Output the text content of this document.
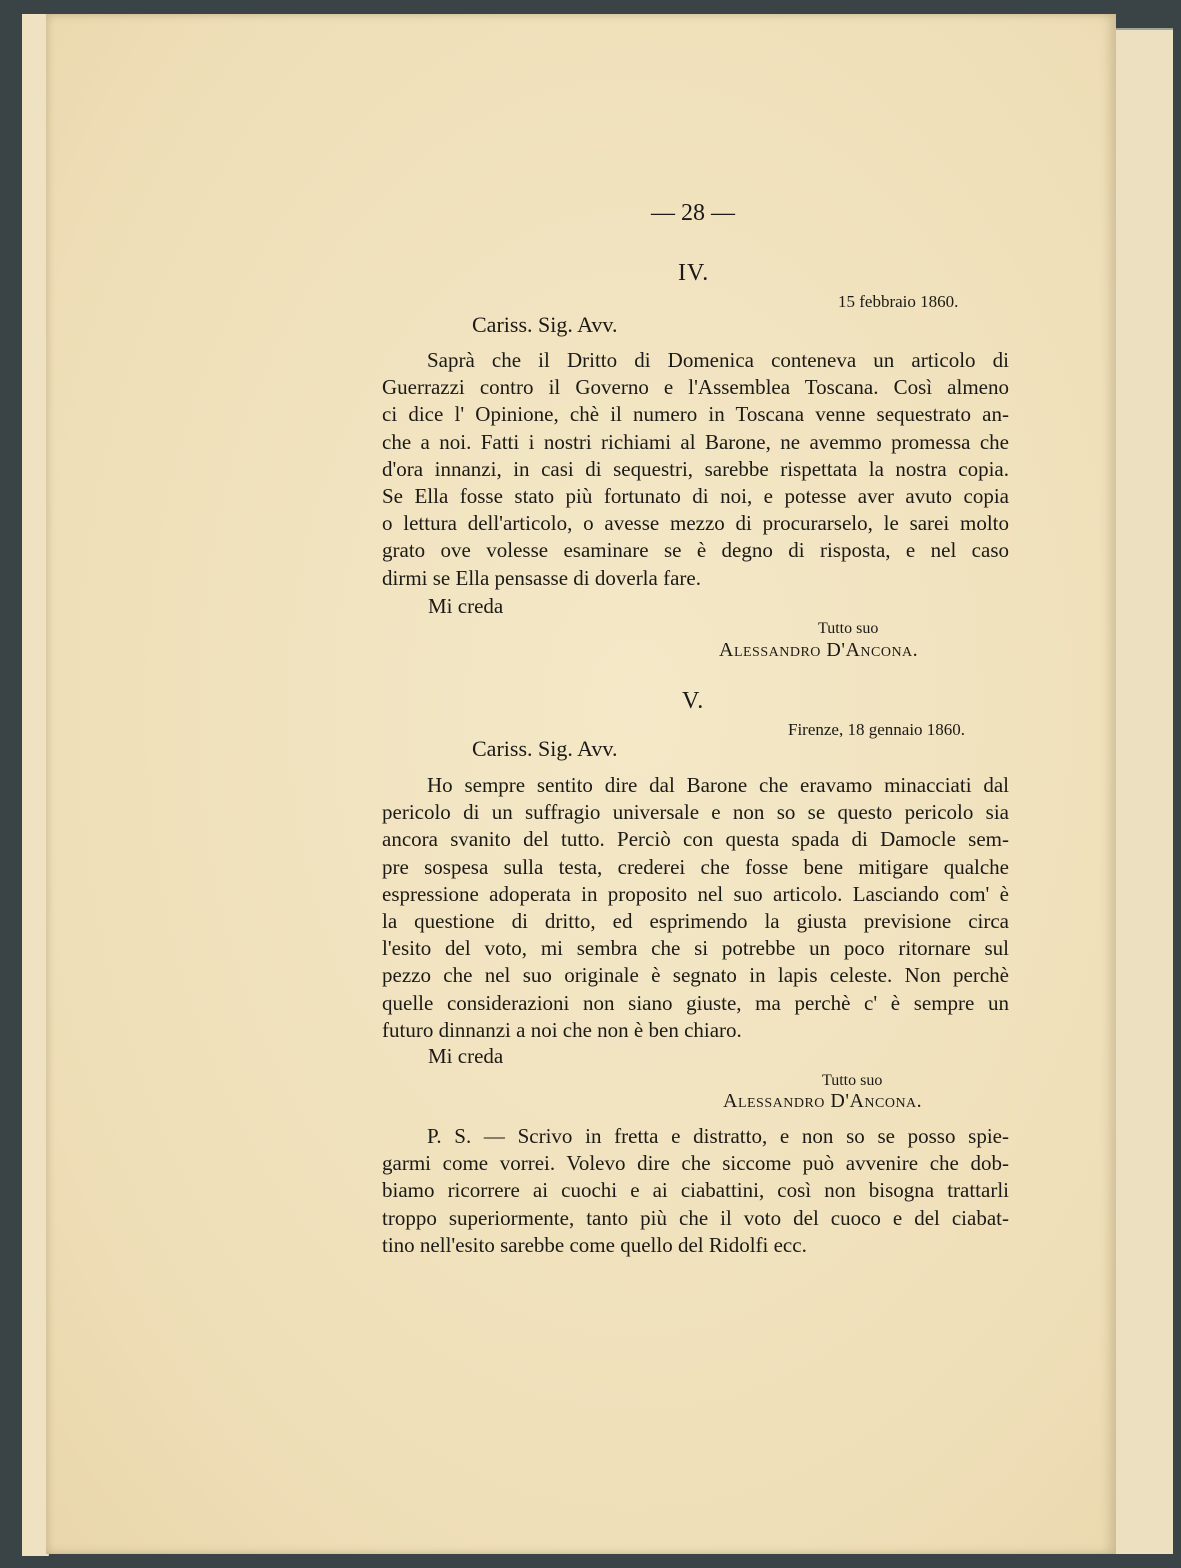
— 28 —
IV.
15 febbraio 1860.
Cariss. Sig. Avv.
Saprà che il Dritto di Domenica conteneva un articolo di
Guerrazzi contro il Governo e l'Assemblea Toscana. Così almeno
ci dice l' Opinione, chè il numero in Toscana venne sequestrato an-
che a noi. Fatti i nostri richiami al Barone, ne avemmo promessa che
d'ora innanzi, in casi di sequestri, sarebbe rispettata la nostra copia.
Se Ella fosse stato più fortunato di noi, e potesse aver avuto copia
o lettura dell'articolo, o avesse mezzo di procurarselo, le sarei molto
grato ove volesse esaminare se è degno di risposta, e nel caso
dirmi se Ella pensasse di doverla fare.
Mi creda
Tutto suo
Alessandro D'Ancona.
V.
Firenze, 18 gennaio 1860.
Cariss. Sig. Avv.
Ho sempre sentito dire dal Barone che eravamo minacciati dal
pericolo di un suffragio universale e non so se questo pericolo sia
ancora svanito del tutto. Perciò con questa spada di Damocle sem-
pre sospesa sulla testa, crederei che fosse bene mitigare qualche
espressione adoperata in proposito nel suo articolo. Lasciando com' è
la questione di dritto, ed esprimendo la giusta previsione circa
l'esito del voto, mi sembra che si potrebbe un poco ritornare sul
pezzo che nel suo originale è segnato in lapis celeste. Non perchè
quelle considerazioni non siano giuste, ma perchè c' è sempre un
futuro dinnanzi a noi che non è ben chiaro.
Mi creda
Tutto suo
Alessandro D'Ancona.
P. S. — Scrivo in fretta e distratto, e non so se posso spie-
garmi come vorrei. Volevo dire che siccome può avvenire che dob-
biamo ricorrere ai cuochi e ai ciabattini, così non bisogna trattarli
troppo superiormente, tanto più che il voto del cuoco e del ciabat-
tino nell'esito sarebbe come quello del Ridolfi ecc.
